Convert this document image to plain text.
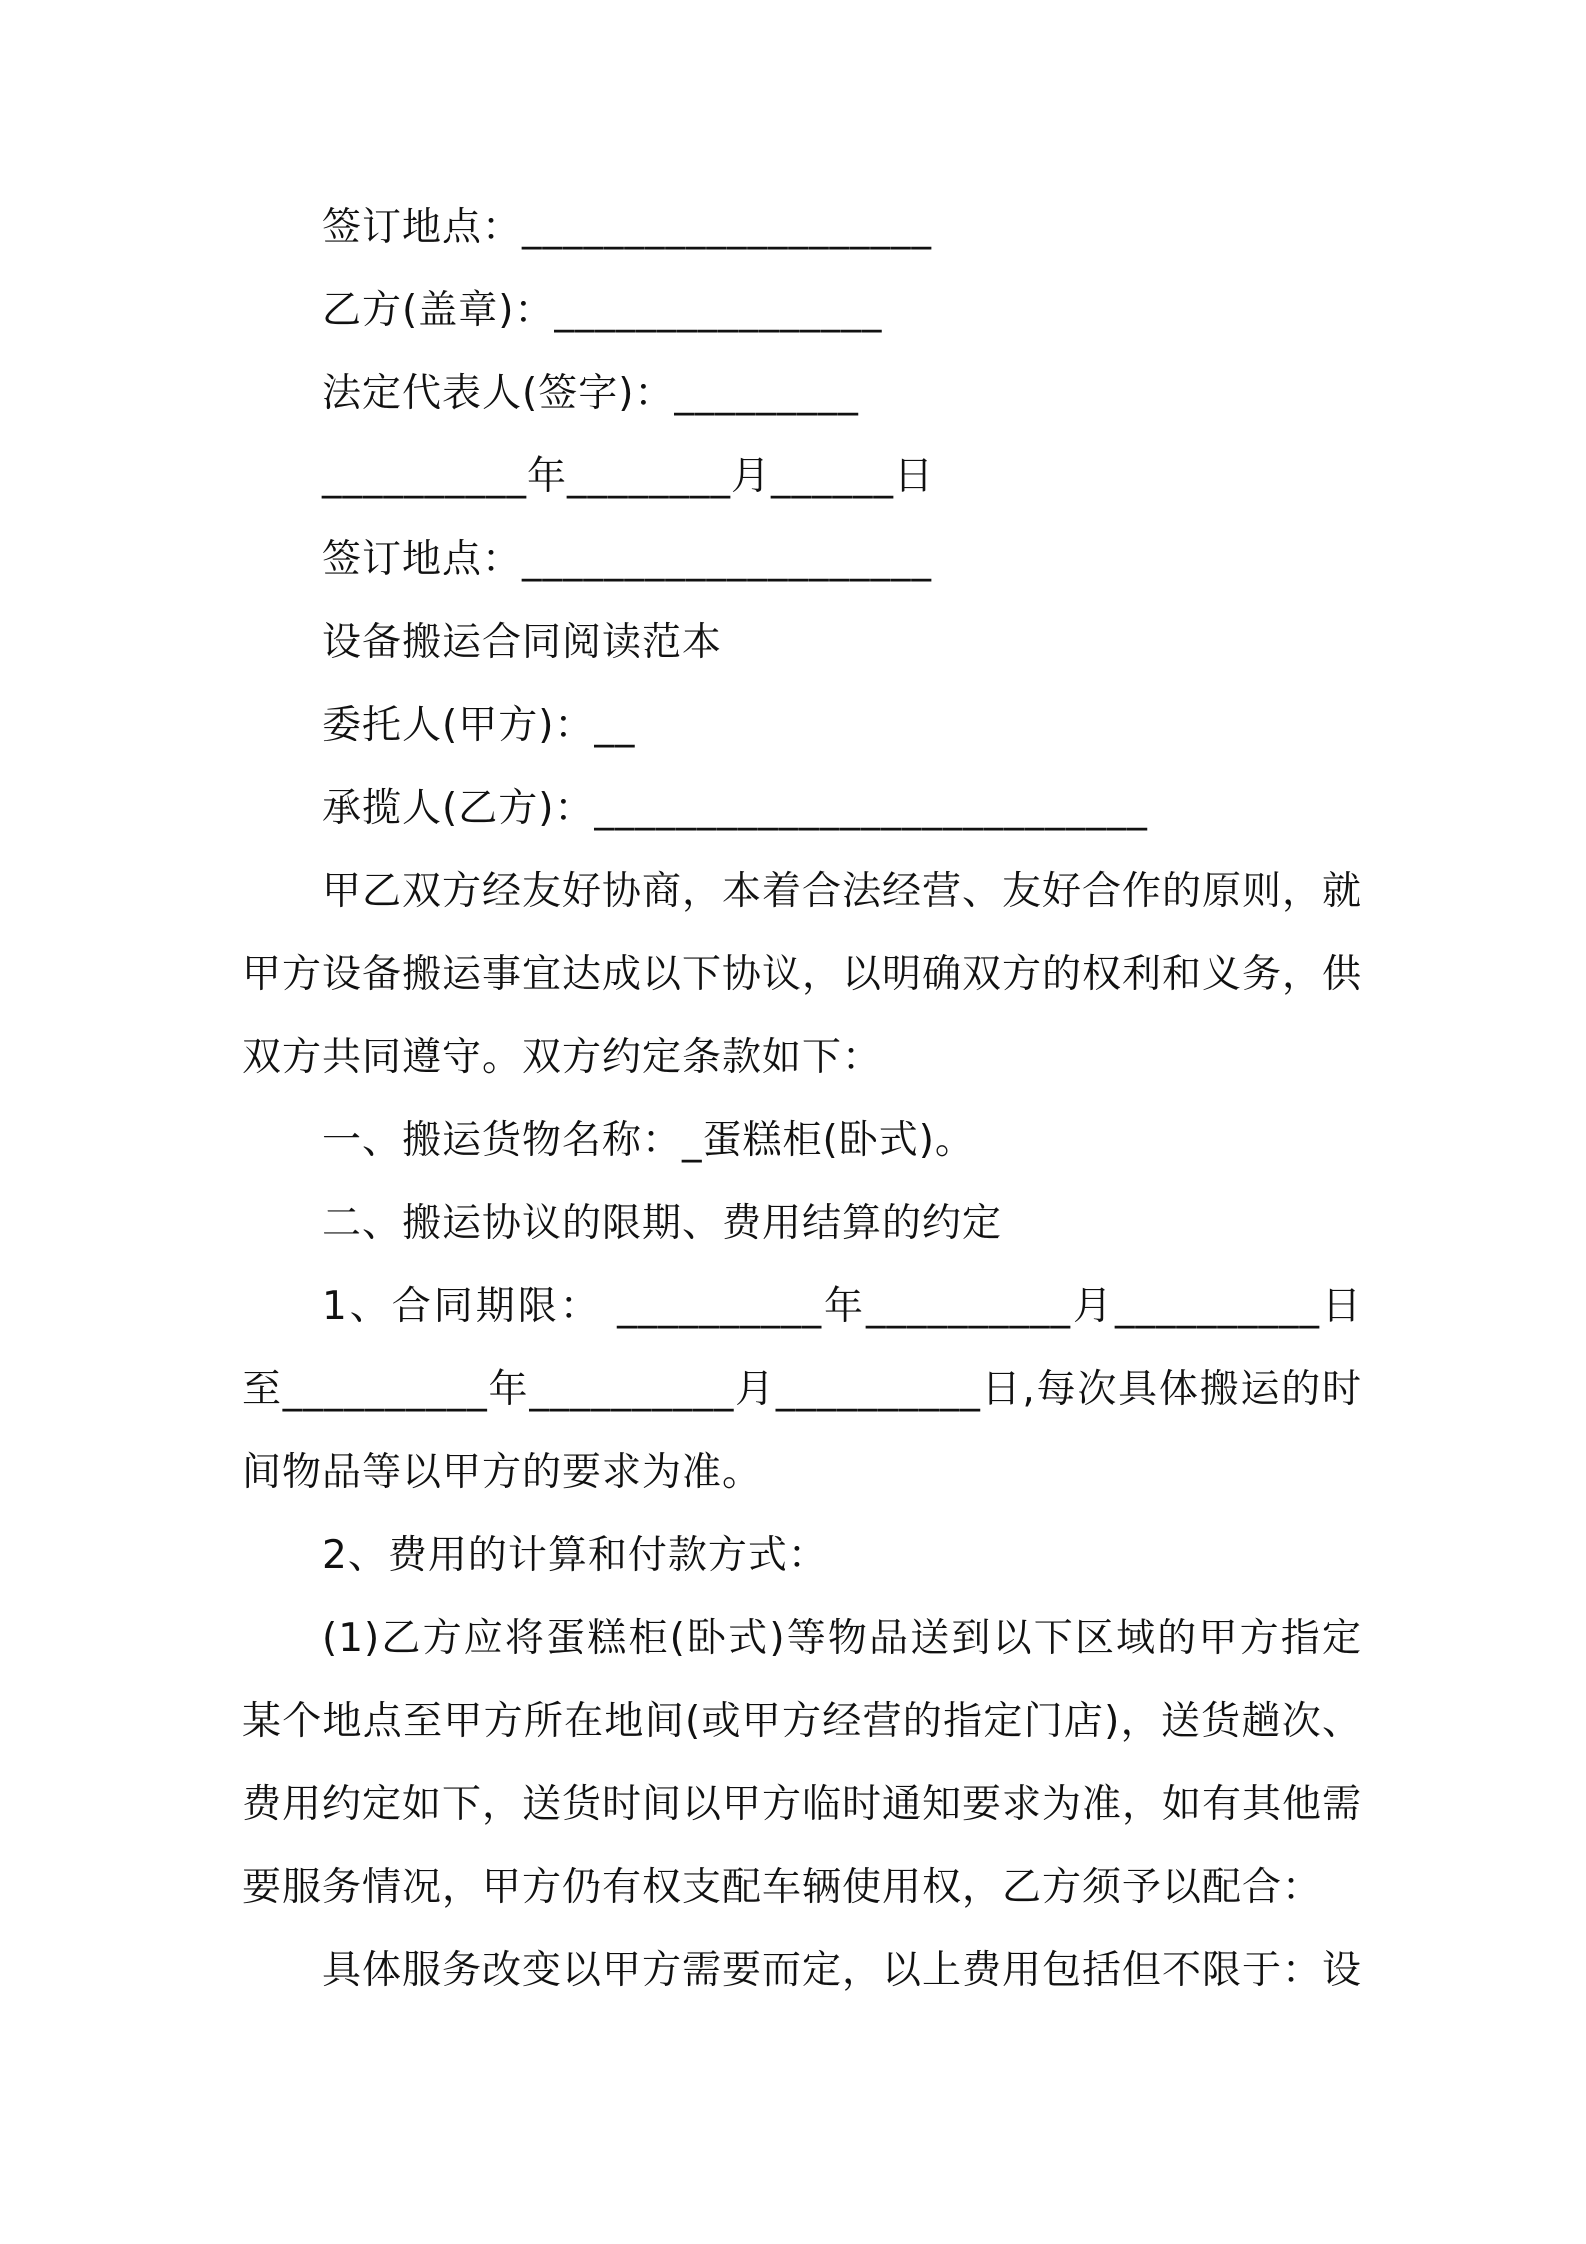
签订地点：____________________
乙方(盖章)：________________
法定代表人(签字)：_________
__________年________月______日
签订地点：____________________
设备搬运合同阅读范本
委托人(甲方)：__
承揽人(乙方)：___________________________
甲乙双方经友好协商，本着合法经营、友好合作的原则，就
甲方设备搬运事宜达成以下协议，以明确双方的权利和义务，供
双方共同遵守。双方约定条款如下：
一、搬运货物名称：_蛋糕柜(卧式)。
二、搬运协议的限期、费用结算的约定
1、合同期限： __________年__________月__________日
至__________年__________月__________日,每次具体搬运的时
间物品等以甲方的要求为准。
2、费用的计算和付款方式：
(1)乙方应将蛋糕柜(卧式)等物品送到以下区域的甲方指定
某个地点至甲方所在地间(或甲方经营的指定门店)，送货趟次、
费用约定如下，送货时间以甲方临时通知要求为准，如有其他需
要服务情况，甲方仍有权支配车辆使用权，乙方须予以配合：
具体服务改变以甲方需要而定，以上费用包括但不限于：设
